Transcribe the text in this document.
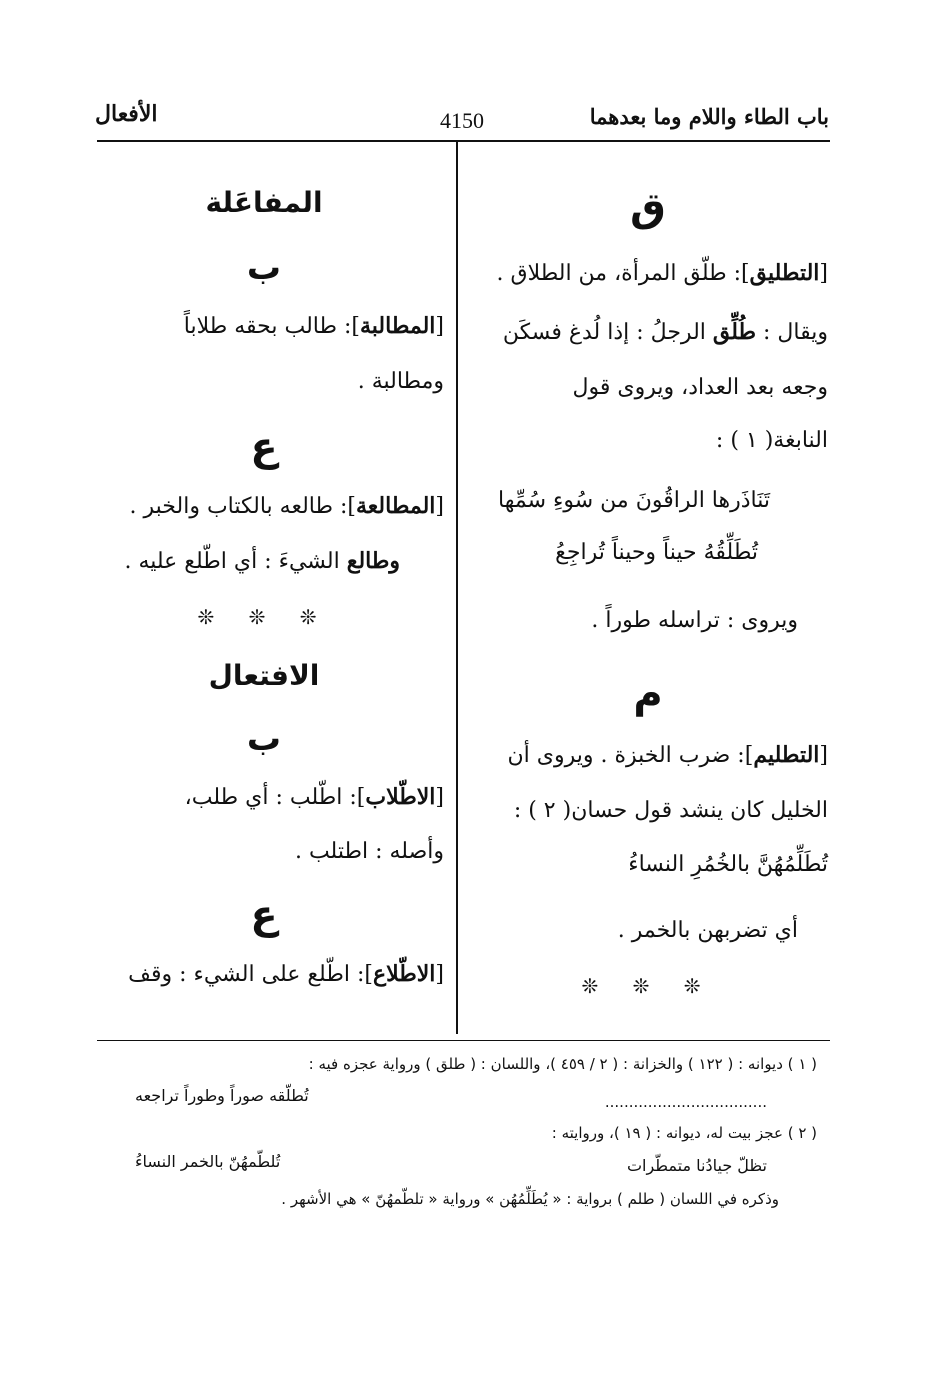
باب الطاء واللام وما بعدهما
4150
الأفعال
ق
[التطليق]: طلّق المرأة، من الطلاق .
ويقال : طُلِّق الرجلُ : إذا لُدغ فسكَن
وجعه بعد العداد، ويروى قول
النابغة( ١ ) :
تَنَاذَرها الراقُونَ من سُوءِ سُمِّها
تُطَلِّقُهُ حيناً وحيناً تُراجِعُ
ويروى : تراسله طوراً .
م
[التطليم]: ضرب الخبزة . ويروى أن
الخليل كان ينشد قول حسان( ٢ ) :
تُطَلِّمُهُنَّ بالخُمُرِ النساءُ
أي تضربهن بالخمر .
❊ ❊ ❊
المفاعَلة
ب
[المطالبة]: طالب بحقه طلاباً
ومطالبة .
ع
[المطالعة]: طالعه بالكتاب والخبر .
وطالع الشيءَ : أي اطّلع عليه .
❊ ❊ ❊
الافتعال
ب
[الاطّلاب]: اطّلب : أي طلب،
وأصله : اطتلب .
ع
[الاطّلاع]: اطّلع على الشيء : وقف
( ١ ) ديوانه : ( ١٢٢ ) والخزانة : ( ٢ / ٤٥٩ )، واللسان : ( طلق ) ورواية عجزه فيه :
..................................
تُطلّقه صوراً وطوراً تراجعه
( ٢ ) عجز بيت له، ديوانه : ( ١٩ )، وروايته :
تظلّ جيادُنا متمطّرات
تُلطّمهُنّ بالخمر النساءُ
وذكره في اللسان ( طلم ) برواية : « يُطَلِّمُهُن » ورواية « تلطّمهُنّ » هي الأشهر .
